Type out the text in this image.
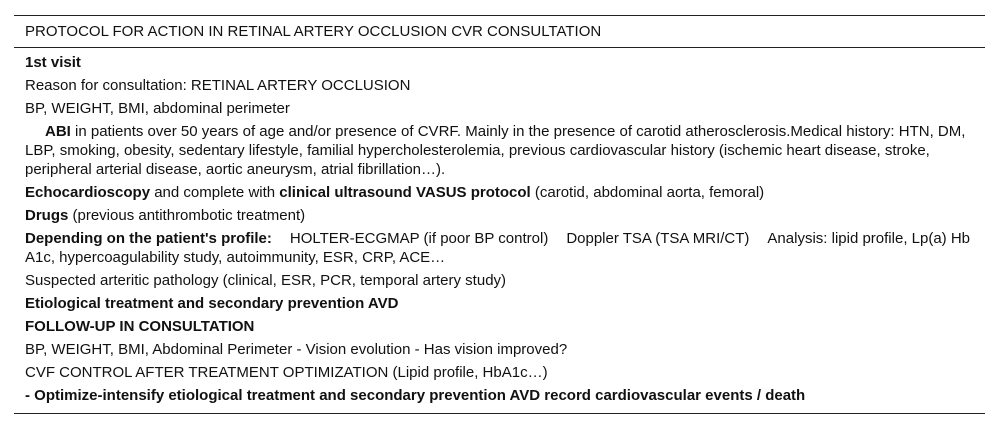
PROTOCOL FOR ACTION IN RETINAL ARTERY OCCLUSION CVR CONSULTATION
1st visit
Reason for consultation: RETINAL ARTERY OCCLUSION
BP, WEIGHT, BMI, abdominal perimeter
ABI in patients over 50 years of age and/or presence of CVRF. Mainly in the presence of carotid atherosclerosis.Medical history: HTN, DM, LBP, smoking, obesity, sedentary lifestyle, familial hypercholesterolemia, previous cardiovascular history (ischemic heart disease, stroke, peripheral arterial disease, aortic aneurysm, atrial fibrillation…).
Echocardioscopy and complete with clinical ultrasound VASUS protocol (carotid, abdominal aorta, femoral)
Drugs (previous antithrombotic treatment)
Depending on the patient's profile: HOLTER-ECGMAP (if poor BP control) Doppler TSA (TSA MRI/CT) Analysis: lipid profile, Lp(a) Hb A1c, hypercoagulability study, autoimmunity, ESR, CRP, ACE…
Suspected arteritic pathology (clinical, ESR, PCR, temporal artery study)
Etiological treatment and secondary prevention AVD
FOLLOW-UP IN CONSULTATION
BP, WEIGHT, BMI, Abdominal Perimeter - Vision evolution - Has vision improved?
CVF CONTROL AFTER TREATMENT OPTIMIZATION (Lipid profile, HbA1c…)
- Optimize-intensify etiological treatment and secondary prevention AVD record cardiovascular events / death
